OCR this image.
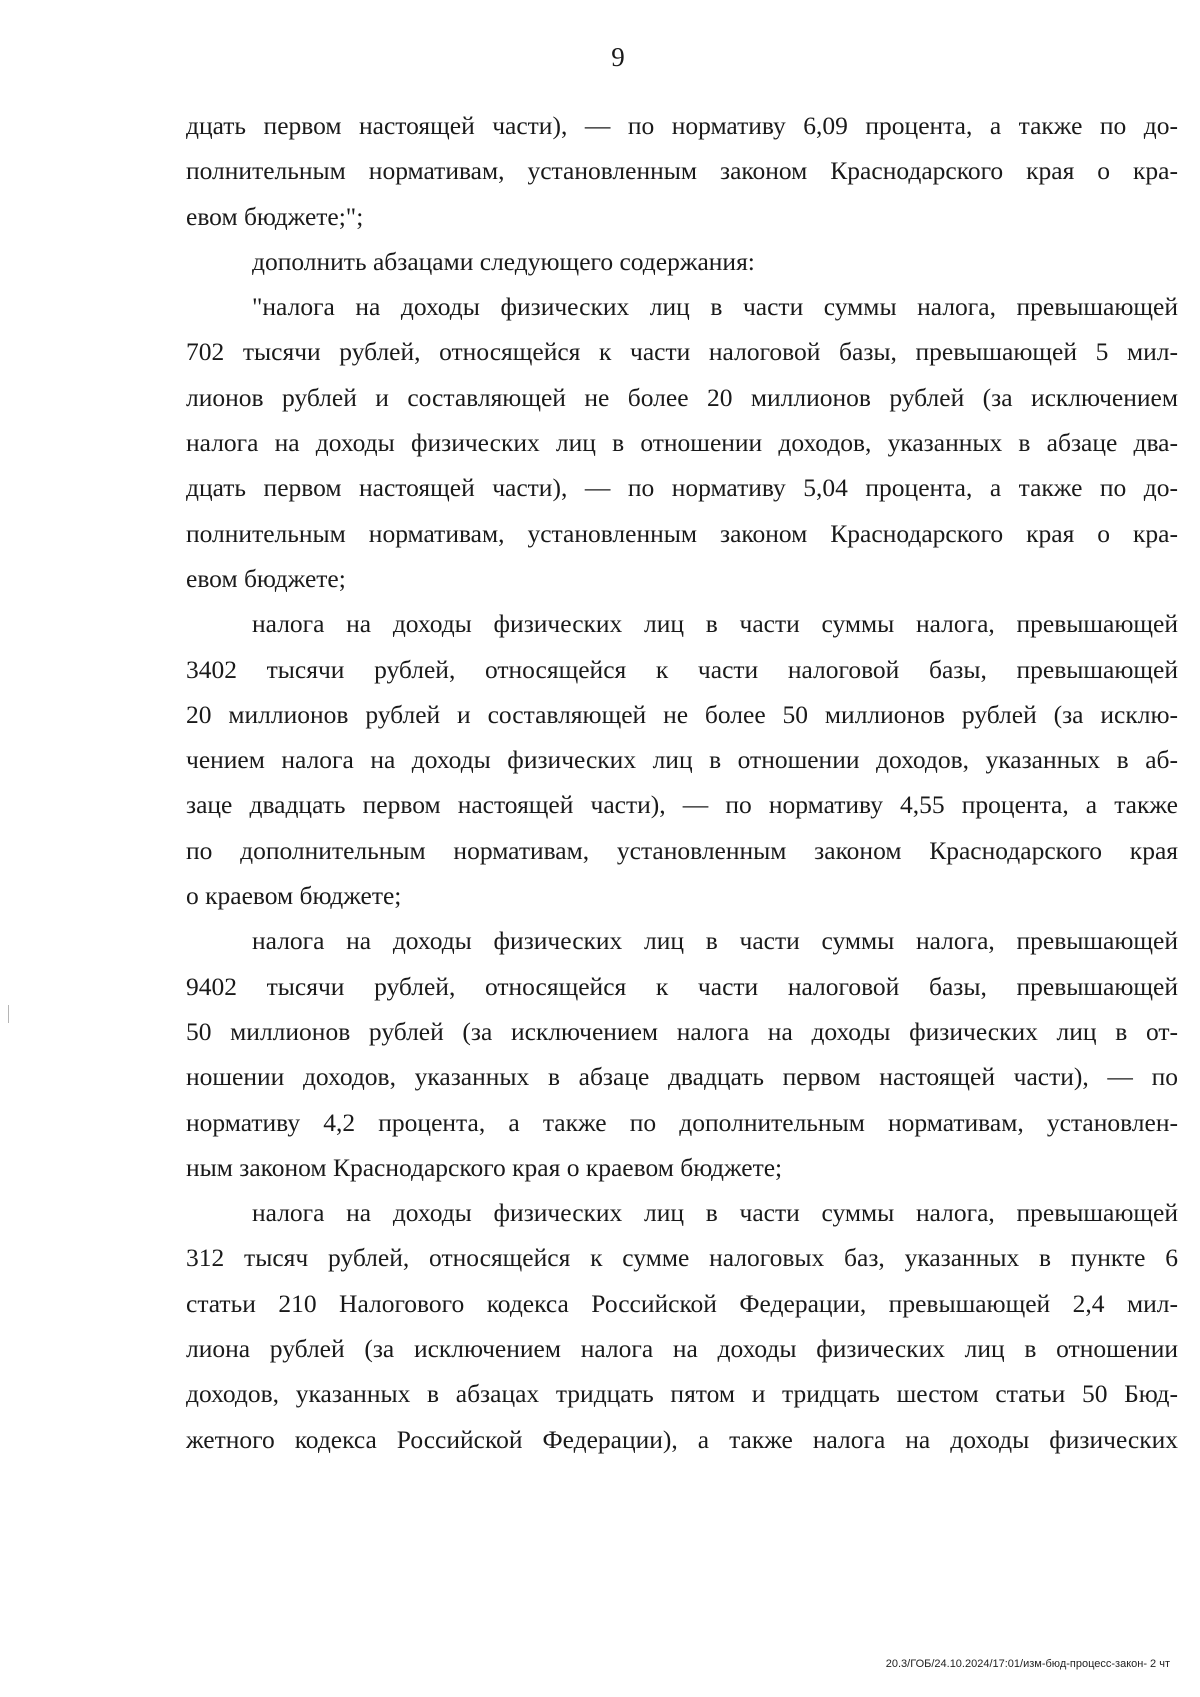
9
дцать первом настоящей части), — по нормативу 6,09 процента, а также по до-
полнительным нормативам, установленным законом Краснодарского края о кра-
евом бюджете;";
дополнить абзацами следующего содержания:
"налога на доходы физических лиц в части суммы налога, превышающей
702 тысячи рублей, относящейся к части налоговой базы, превышающей 5 мил-
лионов рублей и составляющей не более 20 миллионов рублей (за исключением
налога на доходы физических лиц в отношении доходов, указанных в абзаце два-
дцать первом настоящей части), — по нормативу 5,04 процента, а также по до-
полнительным нормативам, установленным законом Краснодарского края о кра-
евом бюджете;
налога на доходы физических лиц в части суммы налога, превышающей
3402 тысячи рублей, относящейся к части налоговой базы, превышающей
20 миллионов рублей и составляющей не более 50 миллионов рублей (за исклю-
чением налога на доходы физических лиц в отношении доходов, указанных в аб-
заце двадцать первом настоящей части), — по нормативу 4,55 процента, а также
по дополнительным нормативам, установленным законом Краснодарского края
о краевом бюджете;
налога на доходы физических лиц в части суммы налога, превышающей
9402 тысячи рублей, относящейся к части налоговой базы, превышающей
50 миллионов рублей (за исключением налога на доходы физических лиц в от-
ношении доходов, указанных в абзаце двадцать первом настоящей части), — по
нормативу 4,2 процента, а также по дополнительным нормативам, установлен-
ным законом Краснодарского края о краевом бюджете;
налога на доходы физических лиц в части суммы налога, превышающей
312 тысяч рублей, относящейся к сумме налоговых баз, указанных в пункте 6
статьи 210 Налогового кодекса Российской Федерации, превышающей 2,4 мил-
лиона рублей (за исключением налога на доходы физических лиц в отношении
доходов, указанных в абзацах тридцать пятом и тридцать шестом статьи 50 Бюд-
жетного кодекса Российской Федерации), а также налога на доходы физических
20.3/ГОБ/24.10.2024/17:01/изм-бюд-процесс-закон- 2 чт
